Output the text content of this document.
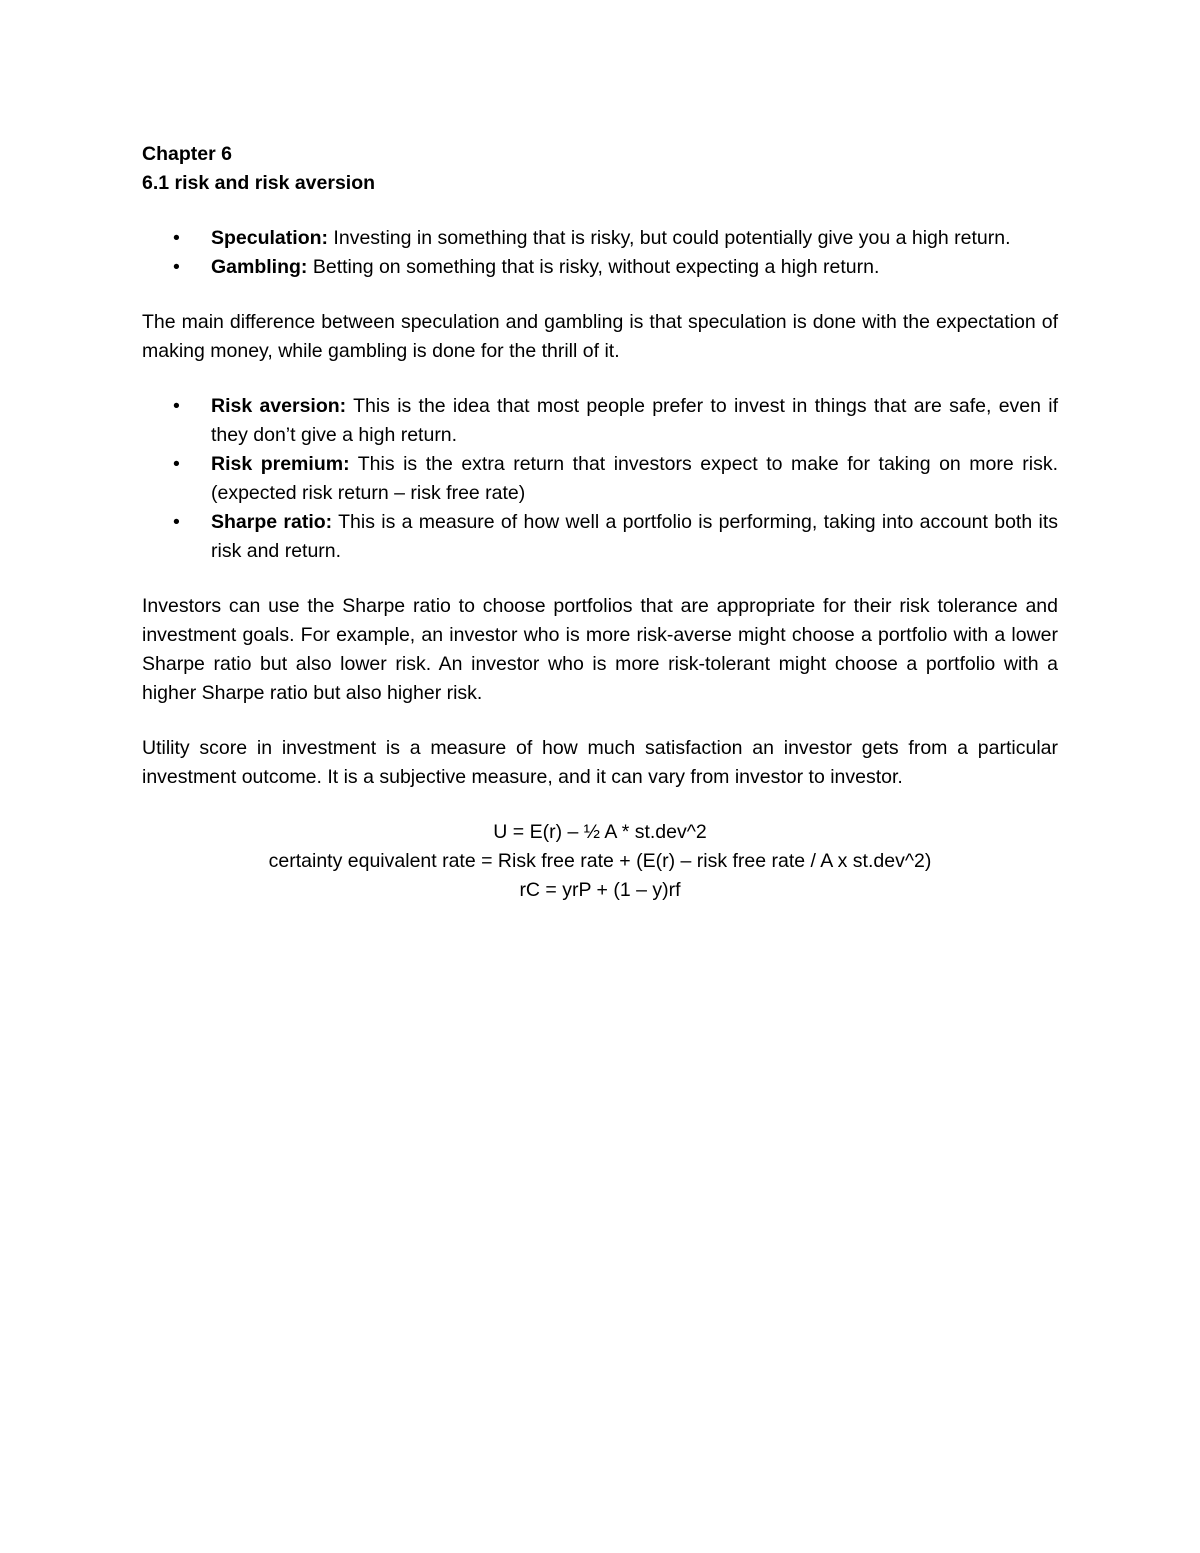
Chapter 6
6.1 risk and risk aversion
• Speculation: Investing in something that is risky, but could potentially give you a high return.
• Gambling: Betting on something that is risky, without expecting a high return.

The main difference between speculation and gambling is that speculation is done with the expectation of making money, while gambling is done for the thrill of it.

• Risk aversion: This is the idea that most people prefer to invest in things that are safe, even if they don’t give a high return.
• Risk premium: This is the extra return that investors expect to make for taking on more risk. (expected risk return – risk free rate)
• Sharpe ratio: This is a measure of how well a portfolio is performing, taking into account both its risk and return.

Investors can use the Sharpe ratio to choose portfolios that are appropriate for their risk tolerance and investment goals. For example, an investor who is more risk-averse might choose a portfolio with a lower Sharpe ratio but also lower risk. An investor who is more risk-tolerant might choose a portfolio with a higher Sharpe ratio but also higher risk.

Utility score in investment is a measure of how much satisfaction an investor gets from a particular investment outcome. It is a subjective measure, and it can vary from investor to investor.

U = E(r) – ½ A * st.dev^2
certainty equivalent rate = Risk free rate + (E(r) – risk free rate / A x st.dev^2)
rC = yrP + (1 – y)rf
